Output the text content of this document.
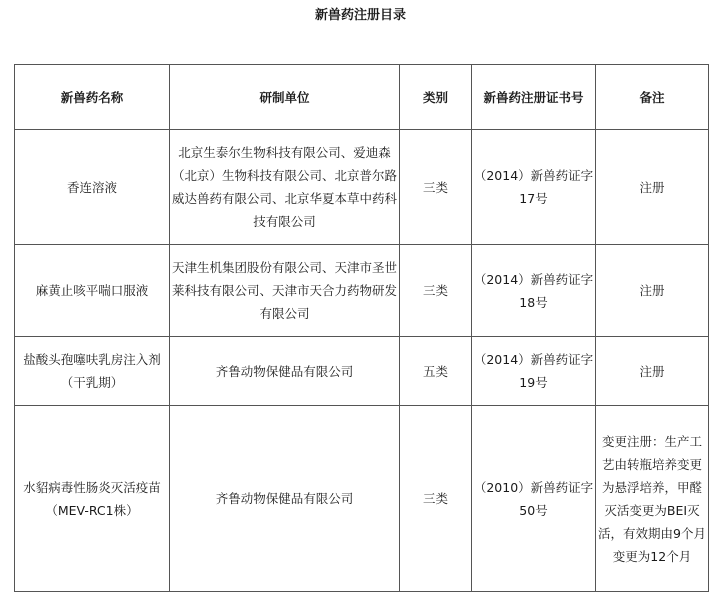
新兽药注册目录
新兽药名称	研制单位	类别	新兽药注册证书号	备注

香连溶液	北京生泰尔生物科技有限公司、爱迪森（北京）生物科技有限公司、北京普尔路威达兽药有限公司、北京华夏本草中药科技有限公司	三类	（2014）新兽药证字17号	注册
麻黄止咳平喘口服液	天津生机集团股份有限公司、天津市圣世莱科技有限公司、天津市天合力药物研发有限公司	三类	（2014）新兽药证字18号	注册
盐酸头孢噻呋乳房注入剂（干乳期）	齐鲁动物保健品有限公司	五类	（2014）新兽药证字19号	注册
水貂病毒性肠炎灭活疫苗（MEV-RC1株）	齐鲁动物保健品有限公司	三类	（2010）新兽药证字50号	变更注册：生产工艺由转瓶培养变更为悬浮培养，甲醛灭活变更为BEI灭活，有效期由9个月变更为12个月
